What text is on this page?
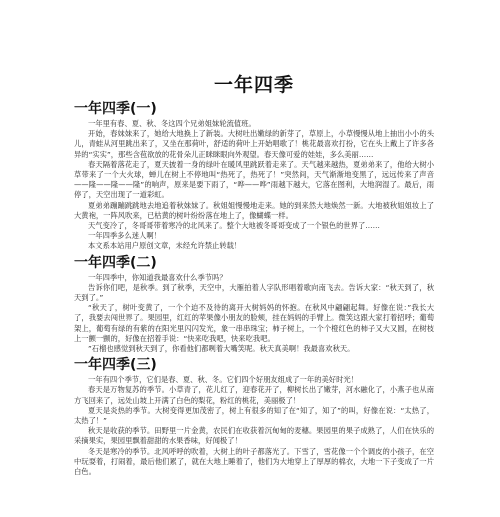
一年四季
一年四季(一)

一年里有春、夏、秋、冬这四个兄弟姐妹轮流值班。

开始，春妹妹来了，她给大地换上了新装。大树吐出嫩绿的新芽了，草原上，小草慢慢从地上抽出小小的头儿，青蛙从河里跳出来了，又坐在那荷叶，舒适的荷叶上开始唱歌了！桃花最喜欢打扮，它在头上戴上了许多各异的“实实”，那些含苞欲放的花骨朵儿正眯眯眼向外观望。春天像可爱的娃娃，多么美丽……

春天隔着落花走了，夏天披着一身的绿叶在暖风里跳跃着走来了。天气越来越热，夏弟弟来了，他给大树小草带来了一个大火球，蝉儿在树上不停地叫“热死了，热死了！”突然间，天气渐渐地变黑了，远远传来了声音——隆——隆——隆”的响声，原来是要下雨了，“哗——哗”雨越下越大，它落在图利，大地润湿了。最后，雨停了，天空出现了一道彩虹。

夏弟弟蹦蹦跳跳地去地追着秋妹妹了。秋姐姐慢慢地走来。她的到来然大地焕然一新。大地被秋姐姐妆上了大黄袍，一阵风吹来，已枯黄的树叶纷纷落在地上了，像蝴蝶一样。

天气变冷了，冬哥哥带着寒冷的北风来了。整个大地被冬哥哥变成了一个银色的世界了……

一年四季多么迷人啊！

本文系本站用户原创文章，未经允许禁止转载！

一年四季(二)

一年四季中，你知道我最喜欢什么季节吗？

告诉你们吧，是秋季。到了秋季，天空中，大雁拍着人字队形唱着歌向南飞去。告诉大家：“秋天到了，秋天到了。”

“秋天了，树叶变黄了，一个个迫不及待的离开大树妈妈的怀抱。在秋风中翩翩起舞。好像在说：”我长大了，我要去闯世界了。果园里，红红的苹果像小朋友的脸颊，挂在妈妈的手臂上。微笑这跟大家打着招呼；葡萄架上，葡萄有绿的有紫的在阳光里闪闪发光，象一串串珠宝；柿子树上，一个个橙红色的柿子又大又圆，在树枝上一颤一颤的，好像在招着手说：“快来吃我吧，快来吃我吧。

”石榴也感觉到秋天到了，你看他们都咧着大嘴笑呢。秋天真美啊！我最喜欢秋天。

一年四季(三)

一年有四个季节，它们是春、夏、秋、冬。它们四个好朋友组成了一年的美好时光！

春天是万物复苏的季节。小草青了，花儿红了，迎春花开了，柳树长出了嫩芽，河水融化了，小燕子也从南方飞回来了，远处山坡上开满了白色的梨花，粉红的桃花，美丽极了！

夏天是炎热的季节。大树变得更加茂密了，树上有很多的知了在“知了，知了”的叫，好像在说：“太热了，太热了！”

秋天是收获的季节。田野里一片金黄，农民们在收获着沉甸甸的麦穗。果园里的果子成熟了，人们在快乐的采摘果实，果园里飘着甜甜的水果香味，好闻极了！

冬天是寒冷的季节。北风呼呼的吹着，大树上的叶子都落光了。下雪了，雪花像一个个调皮的小孩子，在空中玩耍着，打闹着，最后他们累了，就在大地上睡着了，他们为大地穿上了厚厚的棉衣，大地一下子变成了一片白色。
